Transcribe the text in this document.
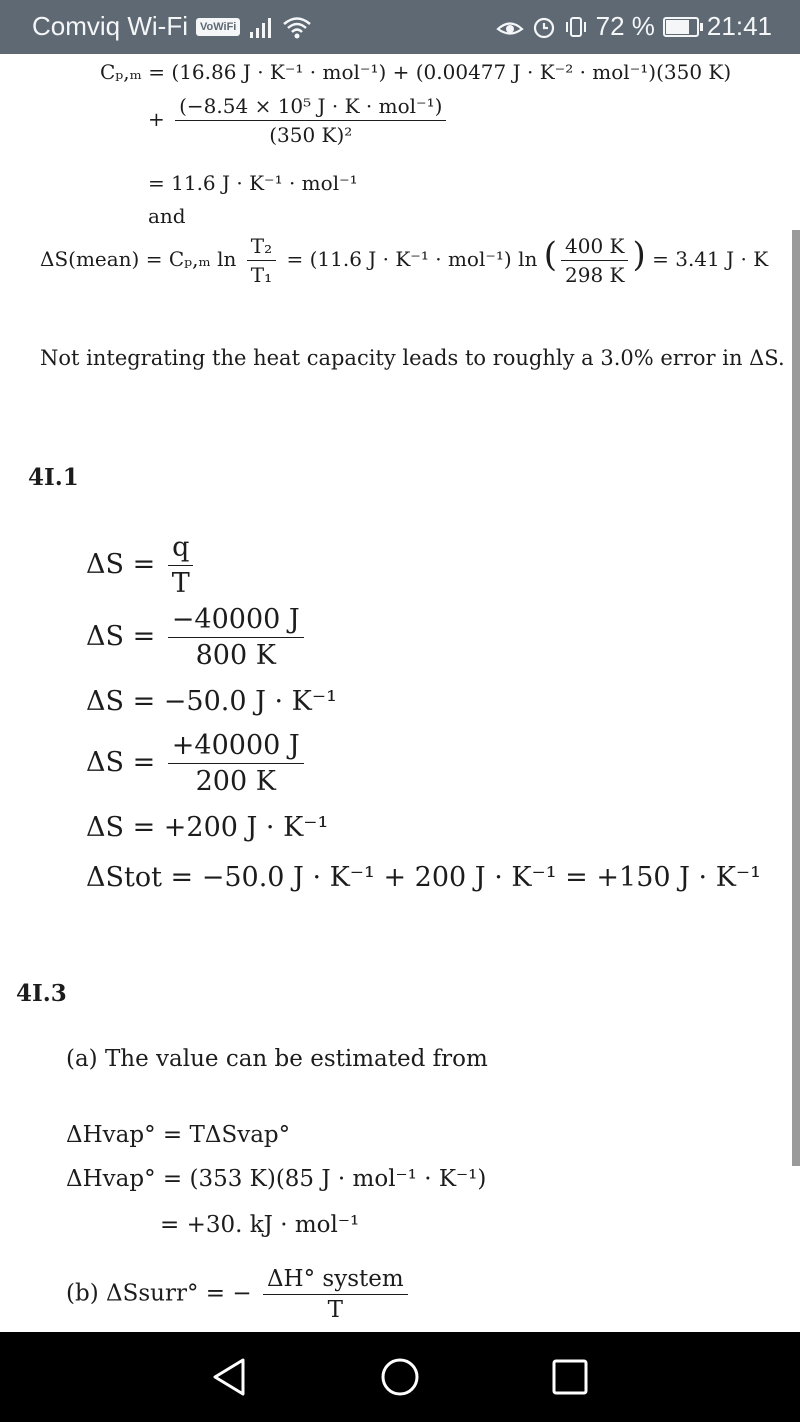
Comviq Wi-Fi	VoWiFi	72 % 21:41
Cₚ,ₘ = (16.86 J · K⁻¹ · mol⁻¹) + (0.00477 J · K⁻² · mol⁻¹)(350 K)
+ $\frac{\text{(−8.54 × 10⁵ J · K · mol⁻¹)}}{\text{(350 K)²}}$
= 11.6 J · K⁻¹ · mol⁻¹
and
ΔS(mean) = Cₚ,ₘ $\ln \frac{\text{T₂}}{\text{T₁}} = (11.6$ J · K⁻¹ · mol⁻¹) ln ( $\frac{400 K}{298 K}$ ) = 3.41 J · K
Not integrating the heat capacity leads to roughly a 3.0% error in ΔS.
4I.1
$\Delta S = \frac{q}{T}$
$\Delta S = \frac{-40000 J}{800 K}$
ΔS = −50.0 J · K⁻¹
$\Delta S = \frac{+40000 J}{200 K}$
ΔS = +200 J · K⁻¹
ΔStot = −50.0 J · K⁻¹ + 200 J · K⁻¹ = +150 J · K⁻¹
4I.3
(a) The value can be estimated from
ΔHvap° = TΔSvap°
ΔHvap° = (353 K)(85 J · mol⁻¹ · K⁻¹)
= +30. kJ · mol⁻¹
(b) ΔSsurr° = − $\frac{\text{ΔH° system}}{T}$
